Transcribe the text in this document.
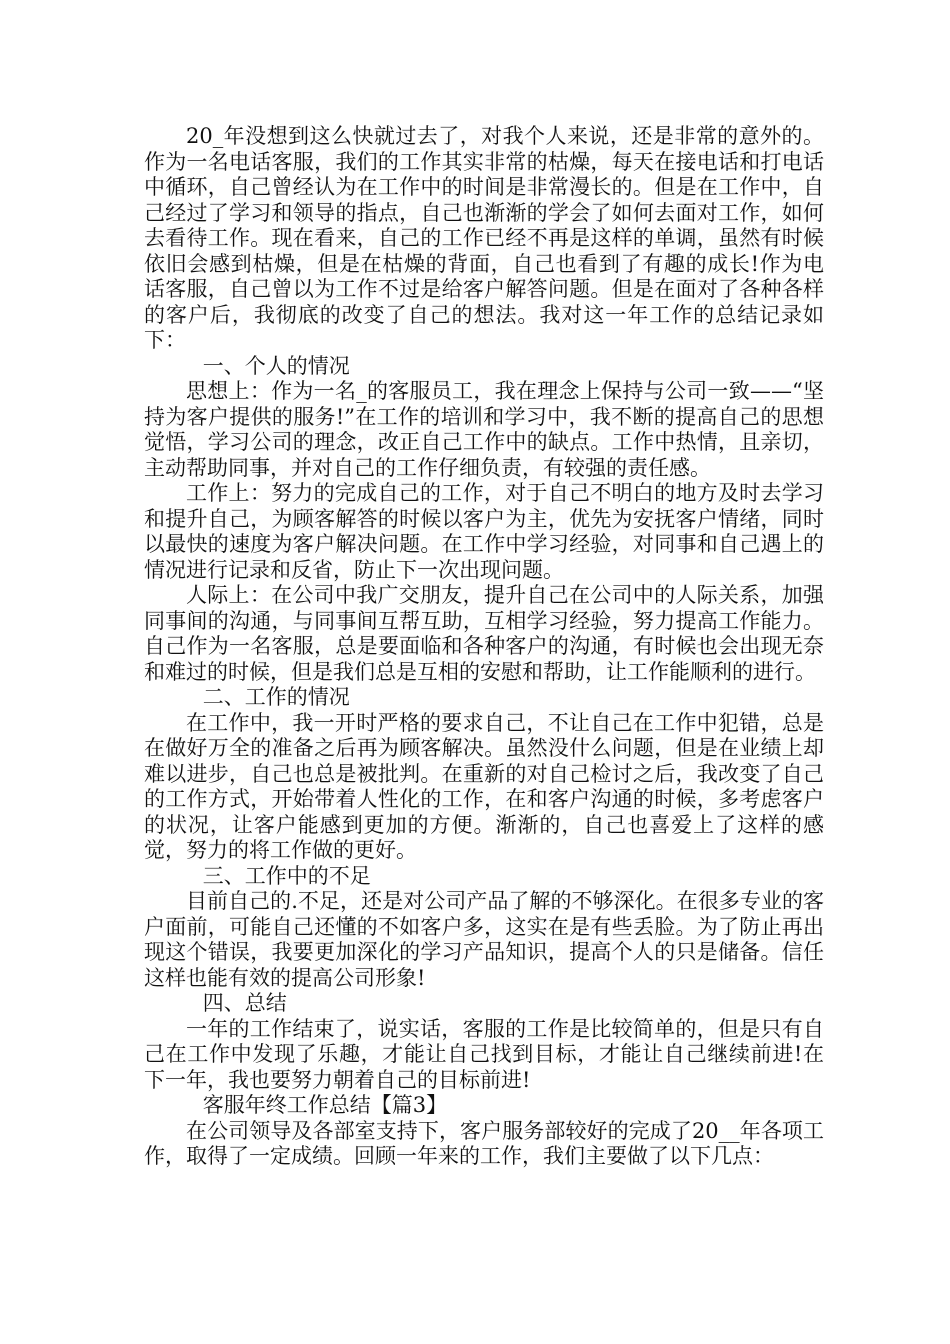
20_年没想到这么快就过去了，对我个人来说，还是非常的意外的。作为一名电话客服，我们的工作其实非常的枯燥，每天在接电话和打电话中循环，自己曾经认为在工作中的时间是非常漫长的。但是在工作中，自己经过了学习和领导的指点，自己也渐渐的学会了如何去面对工作，如何去看待工作。现在看来，自己的工作已经不再是这样的单调，虽然有时候依旧会感到枯燥，但是在枯燥的背面，自己也看到了有趣的成长!作为电话客服，自己曾以为工作不过是给客户解答问题。但是在面对了各种各样的客户后，我彻底的改变了自己的想法。我对这一年工作的总结记录如下：

一、个人的情况

思想上：作为一名_的客服员工，我在理念上保持与公司一致——“坚持为客户提供的服务!”在工作的培训和学习中，我不断的提高自己的思想觉悟，学习公司的理念，改正自己工作中的缺点。工作中热情，且亲切，主动帮助同事，并对自己的工作仔细负责，有较强的责任感。

工作上：努力的完成自己的工作，对于自己不明白的地方及时去学习和提升自己，为顾客解答的时候以客户为主，优先为安抚客户情绪，同时以最快的速度为客户解决问题。在工作中学习经验，对同事和自己遇上的情况进行记录和反省，防止下一次出现问题。

人际上：在公司中我广交朋友，提升自己在公司中的人际关系，加强同事间的沟通，与同事间互帮互助，互相学习经验，努力提高工作能力。自己作为一名客服，总是要面临和各种客户的沟通，有时候也会出现无奈和难过的时候，但是我们总是互相的安慰和帮助，让工作能顺利的进行。

二、工作的情况

在工作中，我一开时严格的要求自己，不让自己在工作中犯错，总是在做好万全的准备之后再为顾客解决。虽然没什么问题，但是在业绩上却难以进步，自己也总是被批判。在重新的对自己检讨之后，我改变了自己的工作方式，开始带着人性化的工作，在和客户沟通的时候，多考虑客户的状况，让客户能感到更加的方便。渐渐的，自己也喜爱上了这样的感觉，努力的将工作做的更好。

三、工作中的不足

目前自己的.不足，还是对公司产品了解的不够深化。在很多专业的客户面前，可能自己还懂的不如客户多，这实在是有些丢脸。为了防止再出现这个错误，我要更加深化的学习产品知识，提高个人的只是储备。信任这样也能有效的提高公司形象!

四、总结

一年的工作结束了，说实话，客服的工作是比较简单的，但是只有自己在工作中发现了乐趣，才能让自己找到目标，才能让自己继续前进!在下一年，我也要努力朝着自己的目标前进!

客服年终工作总结【篇3】

在公司领导及各部室支持下，客户服务部较好的完成了20__年各项工作，取得了一定成绩。回顾一年来的工作，我们主要做了以下几点：
